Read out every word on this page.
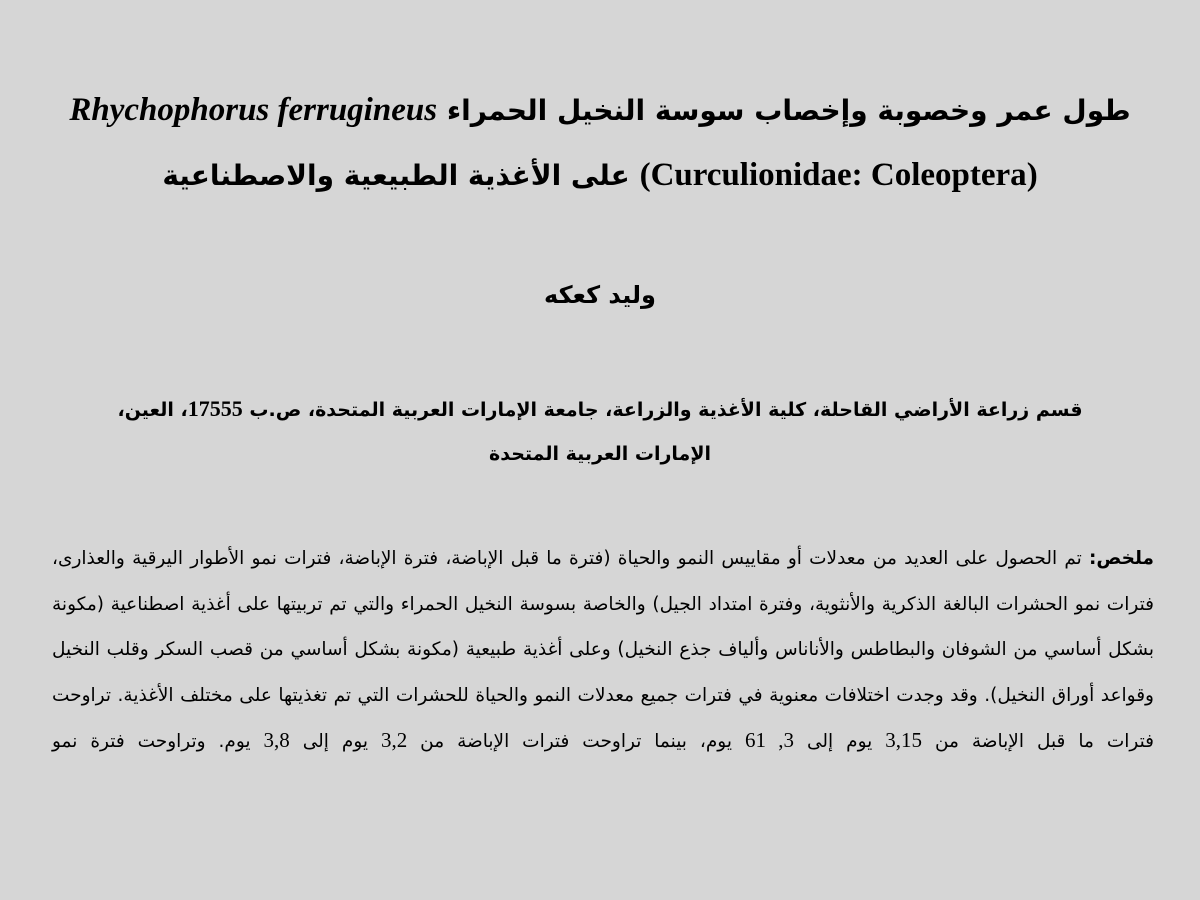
طول عمر وخصوبة وإخصاب سوسة النخيل الحمراء Rhychophorus ferrugineus
(Curculionidae: Coleoptera) على الأغذية الطبيعية والاصطناعية

وليد كعكه

قسم زراعة الأراضي القاحلة، كلية الأغذية والزراعة، جامعة الإمارات العربية المتحدة، ص.ب 17555، العين،
الإمارات العربية المتحدة

ملخص: تم الحصول على العديد من معدلات أو مقاييس النمو والحياة (فترة ما قبل الإباضة، فترة الإباضة، فترات نمو الأطوار اليرقية والعذارى، فترات نمو الحشرات البالغة الذكرية والأنثوية، وفترة امتداد الجيل) والخاصة بسوسة النخيل الحمراء والتي تم تربيتها على أغذية اصطناعية (مكونة بشكل أساسي من الشوفان والبطاطس والأناناس وألياف جذع النخيل) وعلى أغذية طبيعية (مكونة بشكل أساسي من قصب السكر وقلب النخيل وقواعد أوراق النخيل). وقد وجدت اختلافات معنوية في فترات جميع معدلات النمو والحياة للحشرات التي تم تغذيتها على مختلف الأغذية. تراوحت فترات ما قبل الإباضة من 3,15 يوم إلى 3, 61 يوم، بينما تراوحت فترات الإباضة من 3,2 يوم إلى 3,8 يوم. وتراوحت فترة نمو
